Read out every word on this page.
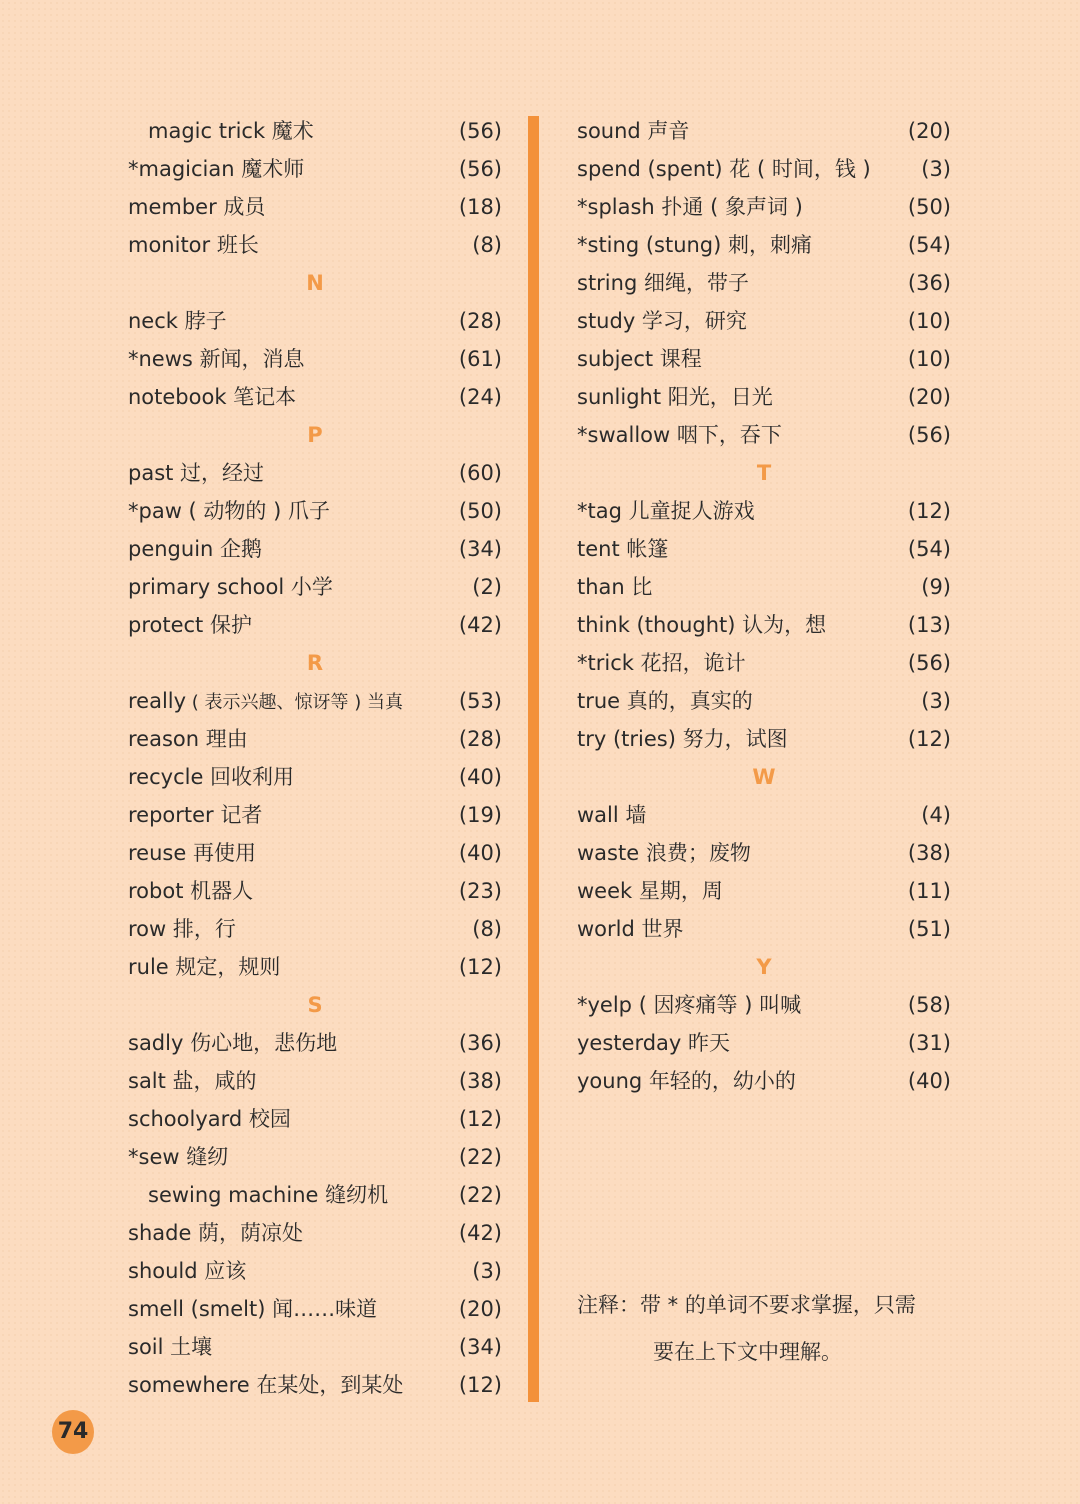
magic trick 魔术	(56)
*magician 魔术师	(56)
member 成员	(18)
monitor 班长	(8)
N
neck 脖子	(28)
*news 新闻，消息	(61)
notebook 笔记本	(24)
P
past 过，经过	(60)
*paw ( 动物的 ) 爪子	(50)
penguin 企鹅	(34)
primary school 小学	(2)
protect 保护	(42)
R
really ( 表示兴趣、惊讶等 ) 当真	(53)
reason 理由	(28)
recycle 回收利用	(40)
reporter 记者	(19)
reuse 再使用	(40)
robot 机器人	(23)
row 排，行	(8)
rule 规定，规则	(12)
S
sadly 伤心地，悲伤地	(36)
salt 盐，咸的	(38)
schoolyard 校园	(12)
*sew 缝纫	(22)
sewing machine 缝纫机	(22)
shade 荫，荫凉处	(42)
should 应该	(3)
smell (smelt) 闻……味道	(20)
soil 土壤	(34)
somewhere 在某处，到某处	(12)
sound 声音	(20)
spend (spent) 花 ( 时间，钱 ) (3)
*splash 扑通 ( 象声词 )	(50)
*sting (stung) 刺，刺痛	(54)
string 细绳，带子	(36)
study 学习，研究	(10)
subject 课程	(10)
sunlight 阳光，日光	(20)
*swallow 咽下，吞下	(56)
T
*tag 儿童捉人游戏	(12)
tent 帐篷	(54)
than 比	(9)
think (thought) 认为，想	(13)
*trick 花招，诡计	(56)
true 真的，真实的	(3)
try (tries) 努力，试图	(12)
W
wall 墙	(4)
waste 浪费；废物	(38)
week 星期，周	(11)
world 世界	(51)
Y
*yelp ( 因疼痛等 ) 叫喊	(58)
yesterday 昨天	(31)
young 年轻的，幼小的	(40)
注释：带 * 的单词不要求掌握，只需
要在上下文中理解。
74
